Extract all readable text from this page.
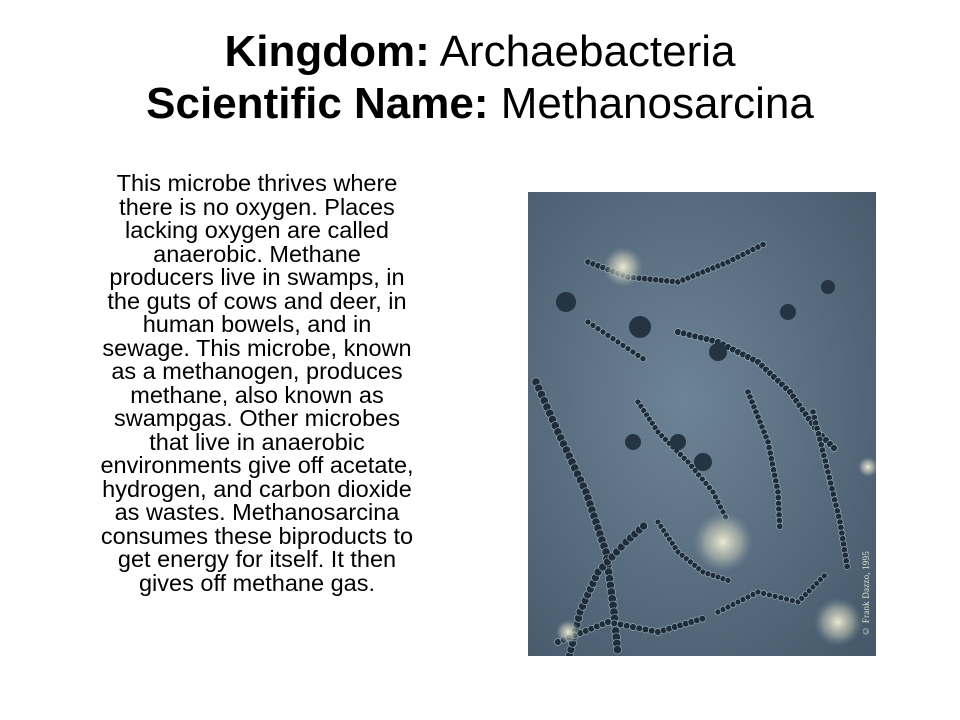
Kingdom: Archaebacteria
Scientific Name: Methanosarcina
This microbe thrives where
there is no oxygen. Places
lacking oxygen are called
anaerobic. Methane
producers live in swamps, in
the guts of cows and deer, in
human bowels, and in
sewage. This microbe, known
as a methanogen, produces
methane, also known as
swampgas. Other microbes
that live in anaerobic
environments give off acetate,
hydrogen, and carbon dioxide
as wastes. Methanosarcina
consumes these biproducts to
get energy for itself. It then
gives off methane gas.	© Frank Dazzo, 1995
